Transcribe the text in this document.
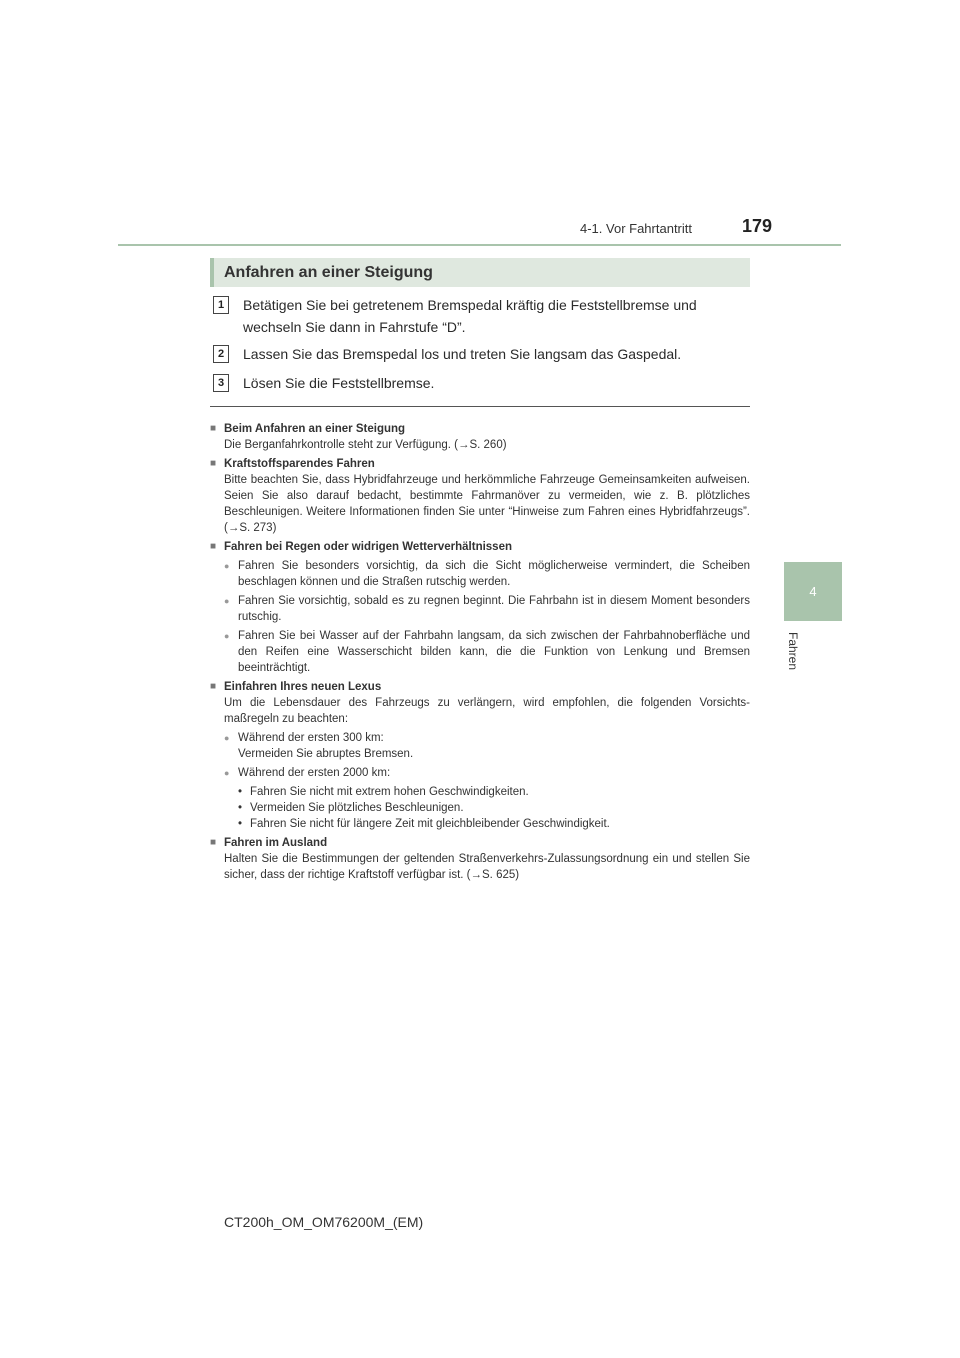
4-1. Vor Fahrtantritt	179
4
Fahren
Anfahren an einer Steigung
1	Betätigen Sie bei getretenem Bremspedal kräftig die Feststellbremse und wechseln Sie dann in Fahrstufe “D”.
2	Lassen Sie das Bremspedal los und treten Sie langsam das Gaspedal.
3	Lösen Sie die Feststellbremse.
■ Beim Anfahren an einer Steigung
Die Berganfahrkontrolle steht zur Verfügung. (→S. 260)
■ Kraftstoffsparendes Fahren
Bitte beachten Sie, dass Hybridfahrzeuge und herkömmliche Fahrzeuge Gemeinsamkeiten aufweisen. Seien Sie also darauf bedacht, bestimmte Fahrmanöver zu vermeiden, wie z. B. plötzliches Beschleunigen. Weitere Informationen finden Sie unter “Hinweise zum Fahren eines Hybridfahrzeugs”. (→S. 273)
■ Fahren bei Regen oder widrigen Wetterverhältnissen
● Fahren Sie besonders vorsichtig, da sich die Sicht möglicherweise vermindert, die Scheiben beschlagen können und die Straßen rutschig werden.
● Fahren Sie vorsichtig, sobald es zu regnen beginnt. Die Fahrbahn ist in diesem Moment besonders rutschig.
● Fahren Sie bei Wasser auf der Fahrbahn langsam, da sich zwischen der Fahrbahnoberfläche und den Reifen eine Wasserschicht bilden kann, die die Funktion von Lenkung und Bremsen beeinträchtigt.
■ Einfahren Ihres neuen Lexus
Um die Lebensdauer des Fahrzeugs zu verlängern, wird empfohlen, die folgenden Vorsichts-maßregeln zu beachten:
● Während der ersten 300 km:
Vermeiden Sie abruptes Bremsen.
● Während der ersten 2000 km:
• Fahren Sie nicht mit extrem hohen Geschwindigkeiten.
• Vermeiden Sie plötzliches Beschleunigen.
• Fahren Sie nicht für längere Zeit mit gleichbleibender Geschwindigkeit.
■ Fahren im Ausland
Halten Sie die Bestimmungen der geltenden Straßenverkehrs-Zulassungsordnung ein und stellen Sie sicher, dass der richtige Kraftstoff verfügbar ist. (→S. 625)
CT200h_OM_OM76200M_(EM)
